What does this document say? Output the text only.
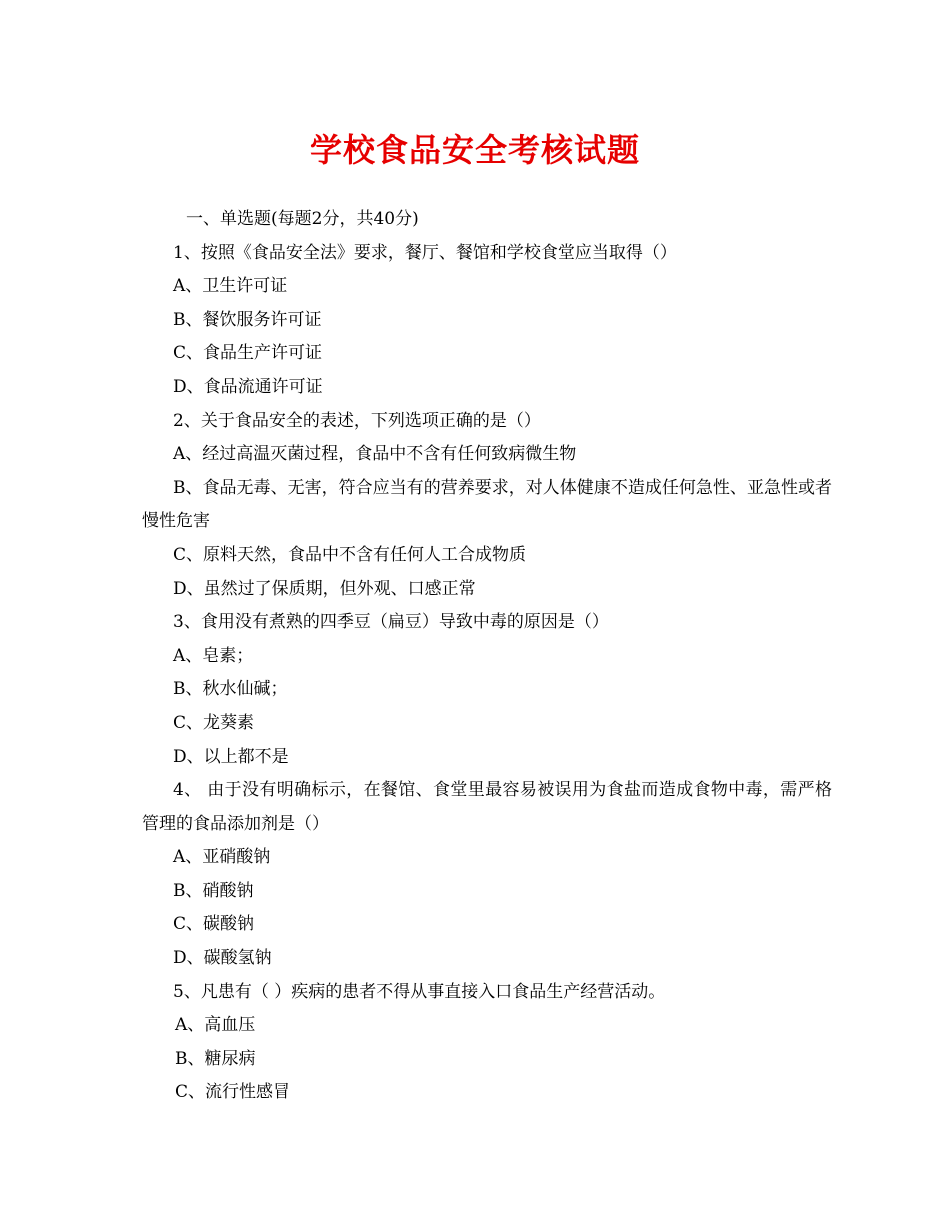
学校食品安全考核试题
一、单选题(每题2分，共40分)
1、按照《食品安全法》要求，餐厅、餐馆和学校食堂应当取得（）
A、卫生许可证
B、餐饮服务许可证
C、食品生产许可证
D、食品流通许可证
2、关于食品安全的表述，下列选项正确的是（）
A、经过高温灭菌过程，食品中不含有任何致病微生物
B、食品无毒、无害，符合应当有的营养要求，对人体健康不造成任何急性、亚急性或者慢性危害
C、原料天然，食品中不含有任何人工合成物质
D、虽然过了保质期，但外观、口感正常
3、食用没有煮熟的四季豆（扁豆）导致中毒的原因是（）
A、皂素；
B、秋水仙碱；
C、龙葵素
D、以上都不是
4、 由于没有明确标示，在餐馆、食堂里最容易被误用为食盐而造成食物中毒，需严格管理的食品添加剂是（）
A、亚硝酸钠
B、硝酸钠
C、碳酸钠
D、碳酸氢钠
5、凡患有（ ）疾病的患者不得从事直接入口食品生产经营活动。
A、高血压
B、糖尿病
C、流行性感冒
